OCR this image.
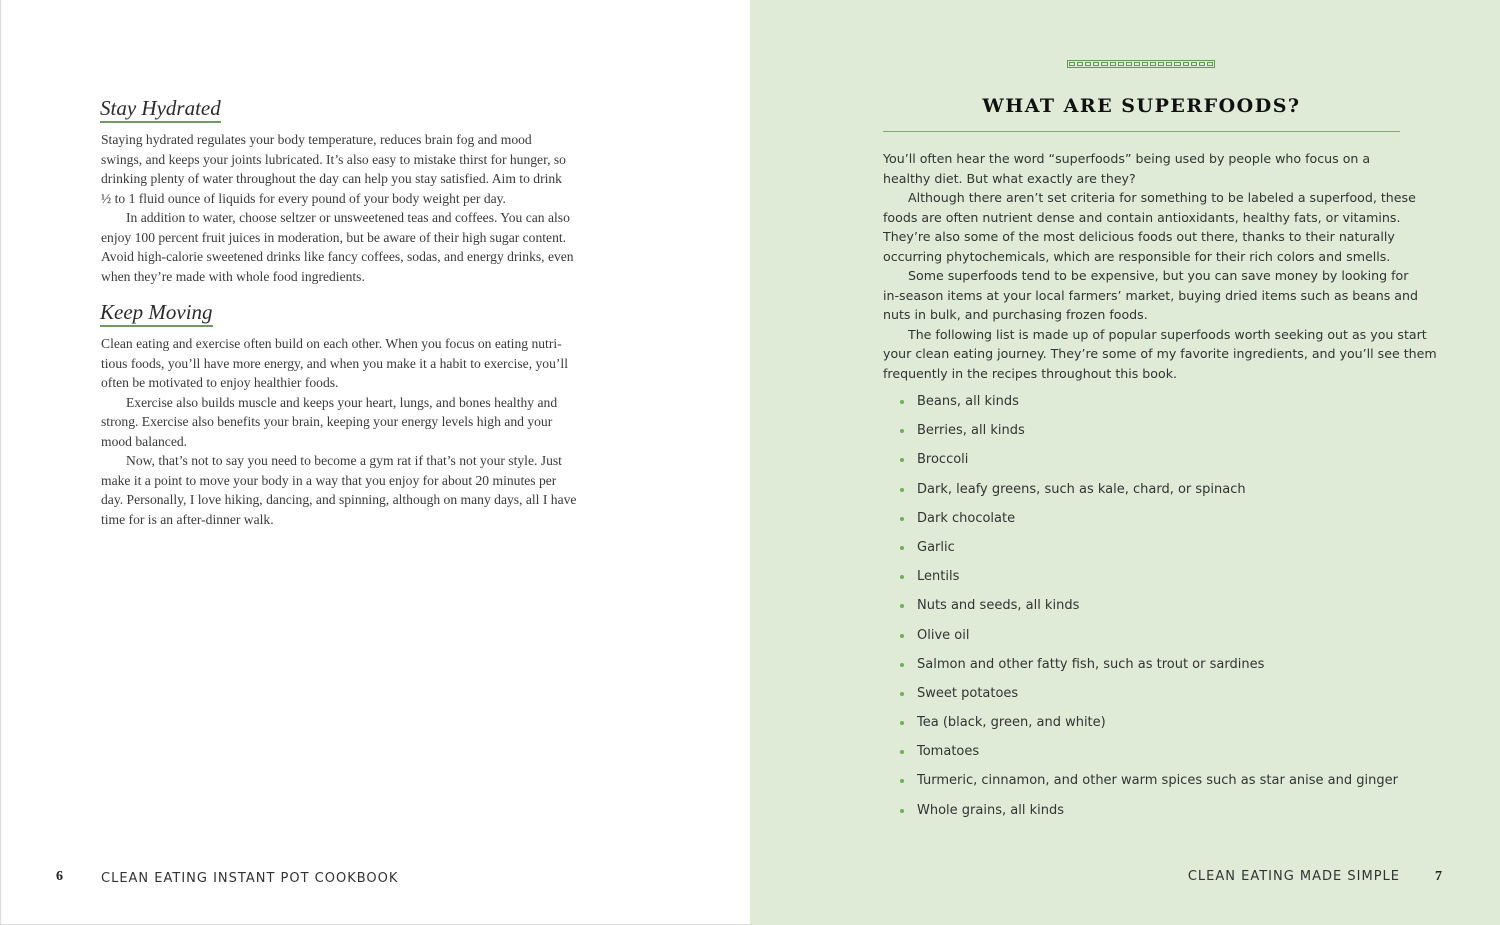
Stay Hydrated
Staying hydrated regulates your body temperature, reduces brain fog and mood
swings, and keeps your joints lubricated. It’s also easy to mistake thirst for hunger, so
drinking plenty of water throughout the day can help you stay satisfied. Aim to drink
½ to 1 fluid ounce of liquids for every pound of your body weight per day.
In addition to water, choose seltzer or unsweetened teas and coffees. You can also
enjoy 100 percent fruit juices in moderation, but be aware of their high sugar content.
Avoid high-calorie sweetened drinks like fancy coffees, sodas, and energy drinks, even
when they’re made with whole food ingredients.
Keep Moving
Clean eating and exercise often build on each other. When you focus on eating nutri-
tious foods, you’ll have more energy, and when you make it a habit to exercise, you’ll
often be motivated to enjoy healthier foods.
Exercise also builds muscle and keeps your heart, lungs, and bones healthy and
strong. Exercise also benefits your brain, keeping your energy levels high and your
mood balanced.
Now, that’s not to say you need to become a gym rat if that’s not your style. Just
make it a point to move your body in a way that you enjoy for about 20 minutes per
day. Personally, I love hiking, dancing, and spinning, although on many days, all I have
time for is an after-dinner walk.
6	CLEAN EATING INSTANT POT COOKBOOK
WHAT ARE SUPERFOODS?
You’ll often hear the word “superfoods” being used by people who focus on a
healthy diet. But what exactly are they?
Although there aren’t set criteria for something to be labeled a superfood, these
foods are often nutrient dense and contain antioxidants, healthy fats, or vitamins.
They’re also some of the most delicious foods out there, thanks to their naturally
occurring phytochemicals, which are responsible for their rich colors and smells.
Some superfoods tend to be expensive, but you can save money by looking for
in-season items at your local farmers’ market, buying dried items such as beans and
nuts in bulk, and purchasing frozen foods.
The following list is made up of popular superfoods worth seeking out as you start
your clean eating journey. They’re some of my favorite ingredients, and you’ll see them
frequently in the recipes throughout this book.
Beans, all kinds
Berries, all kinds
Broccoli
Dark, leafy greens, such as kale, chard, or spinach
Dark chocolate
Garlic
Lentils
Nuts and seeds, all kinds
Olive oil
Salmon and other fatty fish, such as trout or sardines
Sweet potatoes
Tea (black, green, and white)
Tomatoes
Turmeric, cinnamon, and other warm spices such as star anise and ginger
Whole grains, all kinds
CLEAN EATING MADE SIMPLE	7
